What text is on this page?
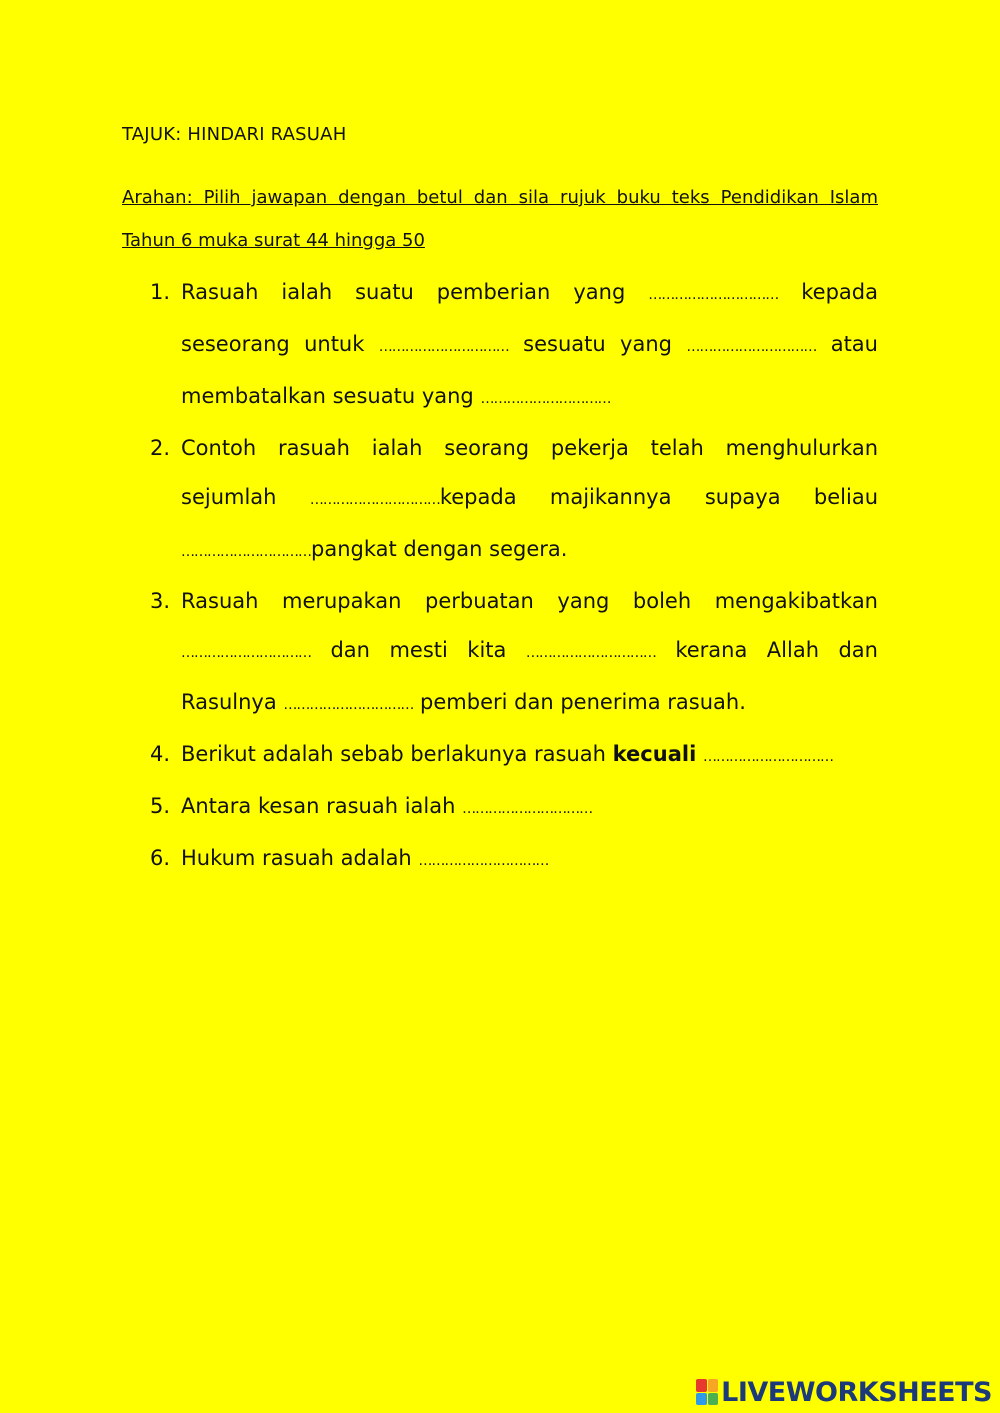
TAJUK: HINDARI RASUAH
Arahan: Pilih jawapan dengan betul dan sila rujuk buku teks Pendidikan Islam
Tahun 6 muka surat 44 hingga 50
1. Rasuah ialah suatu pemberian yang ………………………… kepada seseorang untuk ………………………… sesuatu yang ………………………… atau membatalkan sesuatu yang …………………………
2. Contoh rasuah ialah seorang pekerja telah menghulurkan sejumlah …………………………kepada majikannya supaya beliau …………………………pangkat dengan segera.
3. Rasuah merupakan perbuatan yang boleh mengakibatkan ………………………… dan mesti kita ………………………… kerana Allah dan Rasulnya ………………………… pemberi dan penerima rasuah.
4. Berikut adalah sebab berlakunya rasuah kecuali …………………………
5. Antara kesan rasuah ialah …………………………
6. Hukum rasuah adalah …………………………
LIVEWORKSHEETS
